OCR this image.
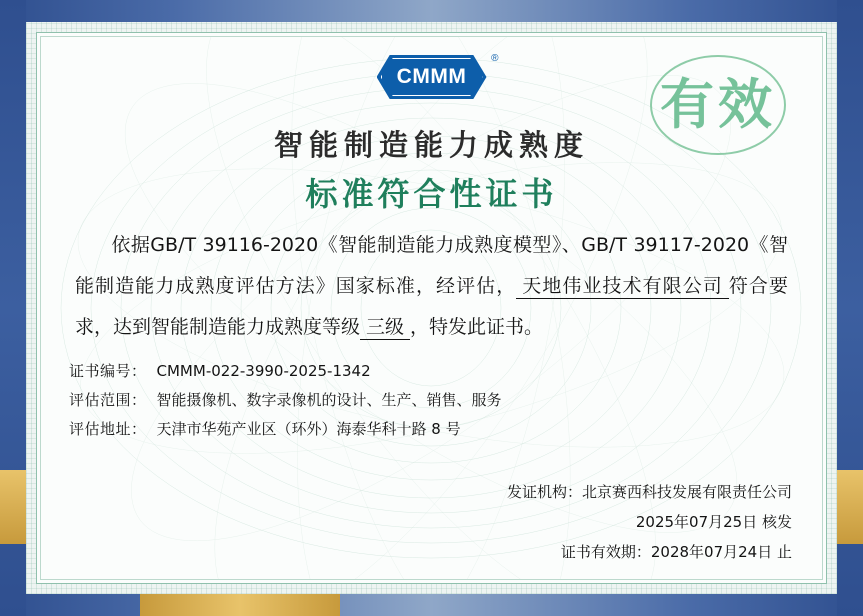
CMMM
®
有效
智能制造能力成熟度
标准符合性证书
依据GB/T 39116-2020《智能制造能力成熟度模型》、GB/T 39117-2020《智能制造能力成熟度评估方法》国家标准，经评估， 天地伟业技术有限公司 符合要求，达到智能制造能力成熟度等级 三级 ，特发此证书。
证书编号： CMMM-022-3990-2025-1342
评估范围： 智能摄像机、数字录像机的设计、生产、销售、服务
评估地址： 天津市华苑产业区（环外）海泰华科十路 8 号
发证机构：北京赛西科技发展有限责任公司
2025年07月25日 核发
证书有效期：2028年07月24日 止
